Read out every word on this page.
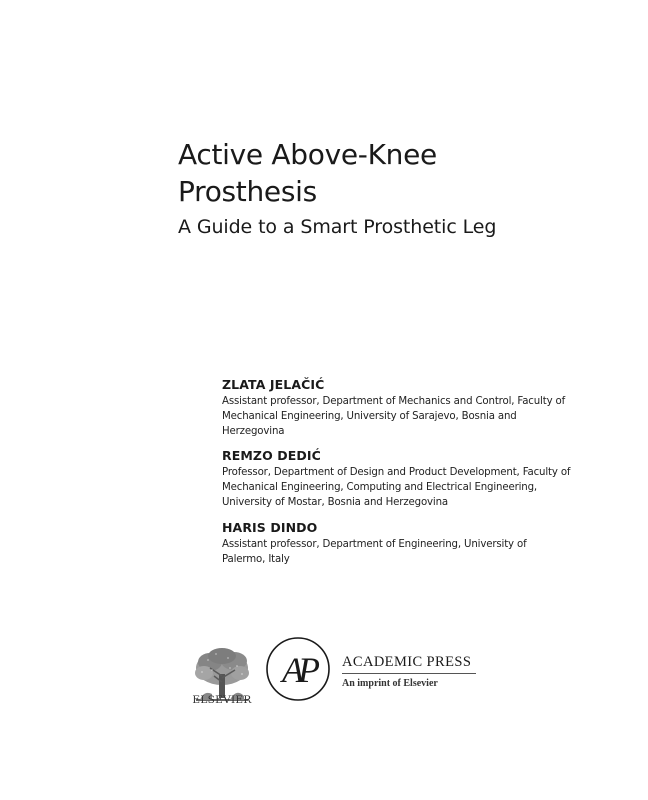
Active Above-Knee
Prosthesis

A Guide to a Smart Prosthetic Leg

ZLATA JELAČIĆ
Assistant professor, Department of Mechanics and Control, Faculty of Mechanical Engineering, University of Sarajevo, Bosnia and Herzegovina
REMZO DEDIĆ
Professor, Department of Design and Product Development, Faculty of Mechanical Engineering, Computing and Electrical Engineering, University of Mostar, Bosnia and Herzegovina
HARIS DINDO
Assistant professor, Department of Engineering, University of Palermo, Italy
ELSEVIER
AP	ACADEMIC PRESS
An imprint of Elsevier
